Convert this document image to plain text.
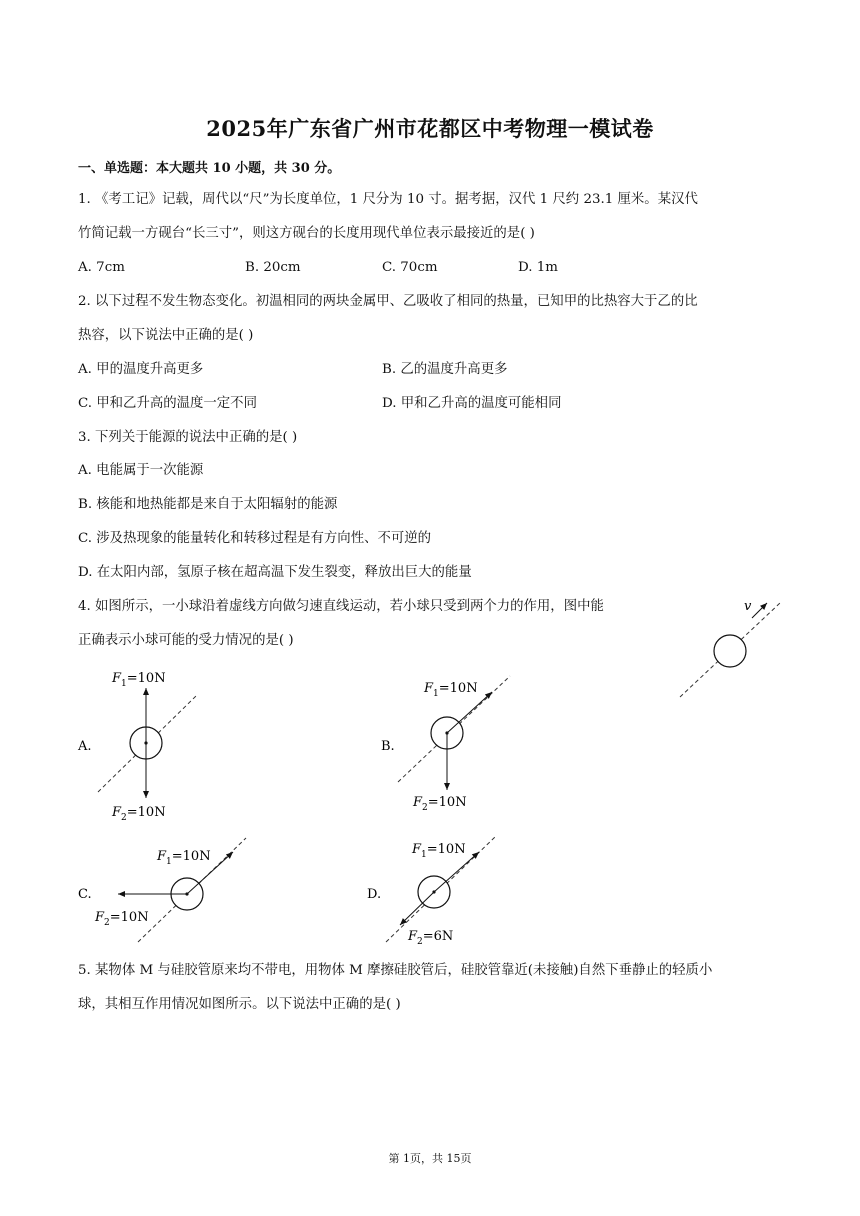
2025年广东省广州市花都区中考物理一模试卷
一、单选题：本大题共 10 小题，共 30 分。
1. 《考工记》记载，周代以“尺”为长度单位，1 尺分为 10 寸。据考据，汉代 1 尺约 23.1 厘米。某汉代
竹简记载一方砚台“长三寸”，则这方砚台的长度用现代单位表示最接近的是( )
A. 7cm	B. 20cm	C. 70cm	D. 1m
2. 以下过程不发生物态变化。初温相同的两块金属甲、乙吸收了相同的热量，已知甲的比热容大于乙的比
热容，以下说法中正确的是( )
A. 甲的温度升高更多	B. 乙的温度升高更多
C. 甲和乙升高的温度一定不同	D. 甲和乙升高的温度可能相同
3. 下列关于能源的说法中正确的是( )
A. 电能属于一次能源
B. 核能和地热能都是来自于太阳辐射的能源
C. 涉及热现象的能量转化和转移过程是有方向性、不可逆的
D. 在太阳内部，氢原子核在超高温下发生裂变，释放出巨大的能量
4. 如图所示，一小球沿着虚线方向做匀速直线运动，若小球只受到两个力的作用，图中能
正确表示小球可能的受力情况的是( )
v
A.
$F_1=10N$
$F_2=10N$
B.
$F_1=10N$
$F_2=10N$
C.
$F_1=10N$
$F_2=10N$
D.
$F_1=10N$
$F_2=6N$
5. 某物体 M 与硅胶管原来均不带电，用物体 M 摩擦硅胶管后，硅胶管靠近(未接触)自然下垂静止的轻质小
球，其相互作用情况如图所示。以下说法中正确的是( )
第 1页，共 15页
